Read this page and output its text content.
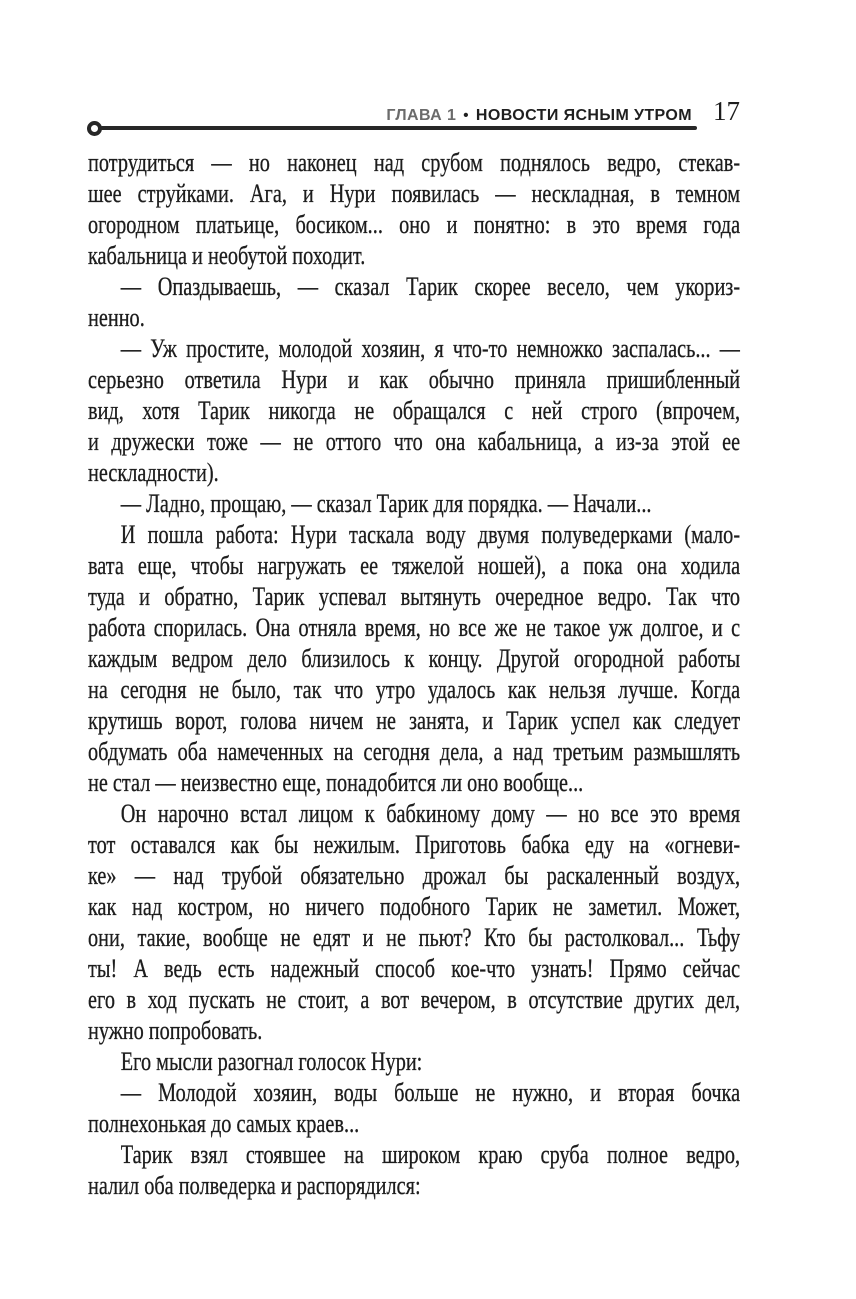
ГЛАВА 1 • НОВОСТИ ЯСНЫМ УТРОМ 17
потрудиться — но наконец над срубом поднялось ведро, стекав-
шее струйками. Ага, и Нури появилась — нескладная, в темном
огородном платьице, босиком... оно и понятно: в это время года
кабальница и необутой походит.
— Опаздываешь, — сказал Тарик скорее весело, чем укориз-
ненно.
— Уж простите, молодой хозяин, я что-то немножко заспалась... —
серьезно ответила Нури и как обычно приняла пришибленный
вид, хотя Тарик никогда не обращался с ней строго (впрочем,
и дружески тоже — не оттого что она кабальница, а из-за этой ее
нескладности).
— Ладно, прощаю, — сказал Тарик для порядка. — Начали...
И пошла работа: Нури таскала воду двумя полуведерками (мало-
вата еще, чтобы нагружать ее тяжелой ношей), а пока она ходила
туда и обратно, Тарик успевал вытянуть очередное ведро. Так что
работа спорилась. Она отняла время, но все же не такое уж долгое, и с
каждым ведром дело близилось к концу. Другой огородной работы
на сегодня не было, так что утро удалось как нельзя лучше. Когда
крутишь ворот, голова ничем не занята, и Тарик успел как следует
обдумать оба намеченных на сегодня дела, а над третьим размышлять
не стал — неизвестно еще, понадобится ли оно вообще...
Он нарочно встал лицом к бабкиному дому — но все это время
тот оставался как бы нежилым. Приготовь бабка еду на «огневи-
ке» — над трубой обязательно дрожал бы раскаленный воздух,
как над костром, но ничего подобного Тарик не заметил. Может,
они, такие, вообще не едят и не пьют? Кто бы растолковал... Тьфу
ты! А ведь есть надежный способ кое-что узнать! Прямо сейчас
его в ход пускать не стоит, а вот вечером, в отсутствие других дел,
нужно попробовать.
Его мысли разогнал голосок Нури:
— Молодой хозяин, воды больше не нужно, и вторая бочка
полнехонькая до самых краев...
Тарик взял стоявшее на широком краю сруба полное ведро,
налил оба полведерка и распорядился:
